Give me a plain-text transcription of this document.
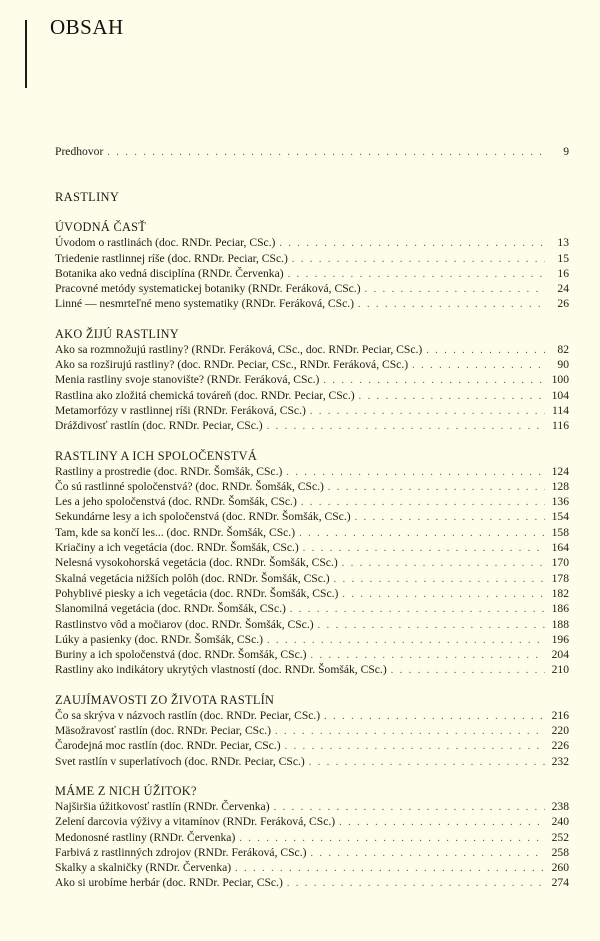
OBSAH
Predhovor . . .	9
RASTLINY
ÚVODNÁ ČASŤ
Úvodom o rastlinách (doc. RNDr. Peciar, CSc.) . . .	13
Triedenie rastlinnej ríše (doc. RNDr. Peciar, CSc.) . . .	15
Botanika ako vedná disciplína (RNDr. Červenka) . . .	16
Pracovné metódy systematickej botaniky (RNDr. Feráková, CSc.) . . .	24
Linné — nesmrteľné meno systematiky (RNDr. Feráková, CSc.) . . .	26
AKO ŽIJÚ RASTLINY
Ako sa rozmnožujú rastliny? (RNDr. Feráková, CSc., doc. RNDr. Peciar, CSc.) . . .	82
Ako sa rozširujú rastliny? (doc. RNDr. Peciar, CSc., RNDr. Feráková, CSc.) . . .	90
Menia rastliny svoje stanovište? (RNDr. Feráková, CSc.) . . .	100
Rastlina ako zložitá chemická továreň (doc. RNDr. Peciar, CSc.) . . .	104
Metamorfózy v rastlinnej ríši (RNDr. Feráková, CSc.) . . .	114
Dráždivosť rastlín (doc. RNDr. Peciar, CSc.) . . .	116
RASTLINY A ICH SPOLOČENSTVÁ
Rastliny a prostredie (doc. RNDr. Šomšák, CSc.) . . .	124
Čo sú rastlinné spoločenstvá? (doc. RNDr. Šomšák, CSc.) . . .	128
Les a jeho spoločenstvá (doc. RNDr. Šomšák, CSc.) . . .	136
Sekundárne lesy a ich spoločenstvá (doc. RNDr. Šomšák, CSc.) . . .	154
Tam, kde sa končí les... (doc. RNDr. Šomšák, CSc.) . . .	158
Kriačiny a ich vegetácia (doc. RNDr. Šomšák, CSc.) . . .	164
Nelesná vysokohorská vegetácia (doc. RNDr. Šomšák, CSc.) . . .	170
Skalná vegetácia nižších polôh (doc. RNDr. Šomšák, CSc.) . . .	178
Pohyblivé piesky a ich vegetácia (doc. RNDr. Šomšák, CSc.) . . .	182
Slanomilná vegetácia (doc. RNDr. Šomšák, CSc.) . . .	186
Rastlinstvo vôd a močiarov (doc. RNDr. Šomšák, CSc.) . . .	188
Lúky a pasienky (doc. RNDr. Šomšák, CSc.) . . .	196
Buriny a ich spoločenstvá (doc. RNDr. Šomšák, CSc.) . . .	204
Rastliny ako indikátory ukrytých vlastností (doc. RNDr. Šomšák, CSc.) . . .	210
ZAUJÍMAVOSTI ZO ŽIVOTA RASTLÍN
Čo sa skrýva v názvoch rastlín (doc. RNDr. Peciar, CSc.) . . .	216
Mäsožravosť rastlín (doc. RNDr. Peciar, CSc.) . . .	220
Čarodejná moc rastlín (doc. RNDr. Peciar, CSc.) . . .	226
Svet rastlín v superlatívoch (doc. RNDr. Peciar, CSc.) . . .	232
MÁME Z NICH ÚŽITOK?
Najširšia úžitkovosť rastlín (RNDr. Červenka) . . .	238
Zelení darcovia výživy a vitamínov (RNDr. Feráková, CSc.) . . .	240
Medonosné rastliny (RNDr. Červenka) . . .	252
Farbivá z rastlinných zdrojov (RNDr. Feráková, CSc.) . . .	258
Skalky a skalničky (RNDr. Červenka) . . .	260
Ako si urobíme herbár (doc. RNDr. Peciar, CSc.) . . .	274
